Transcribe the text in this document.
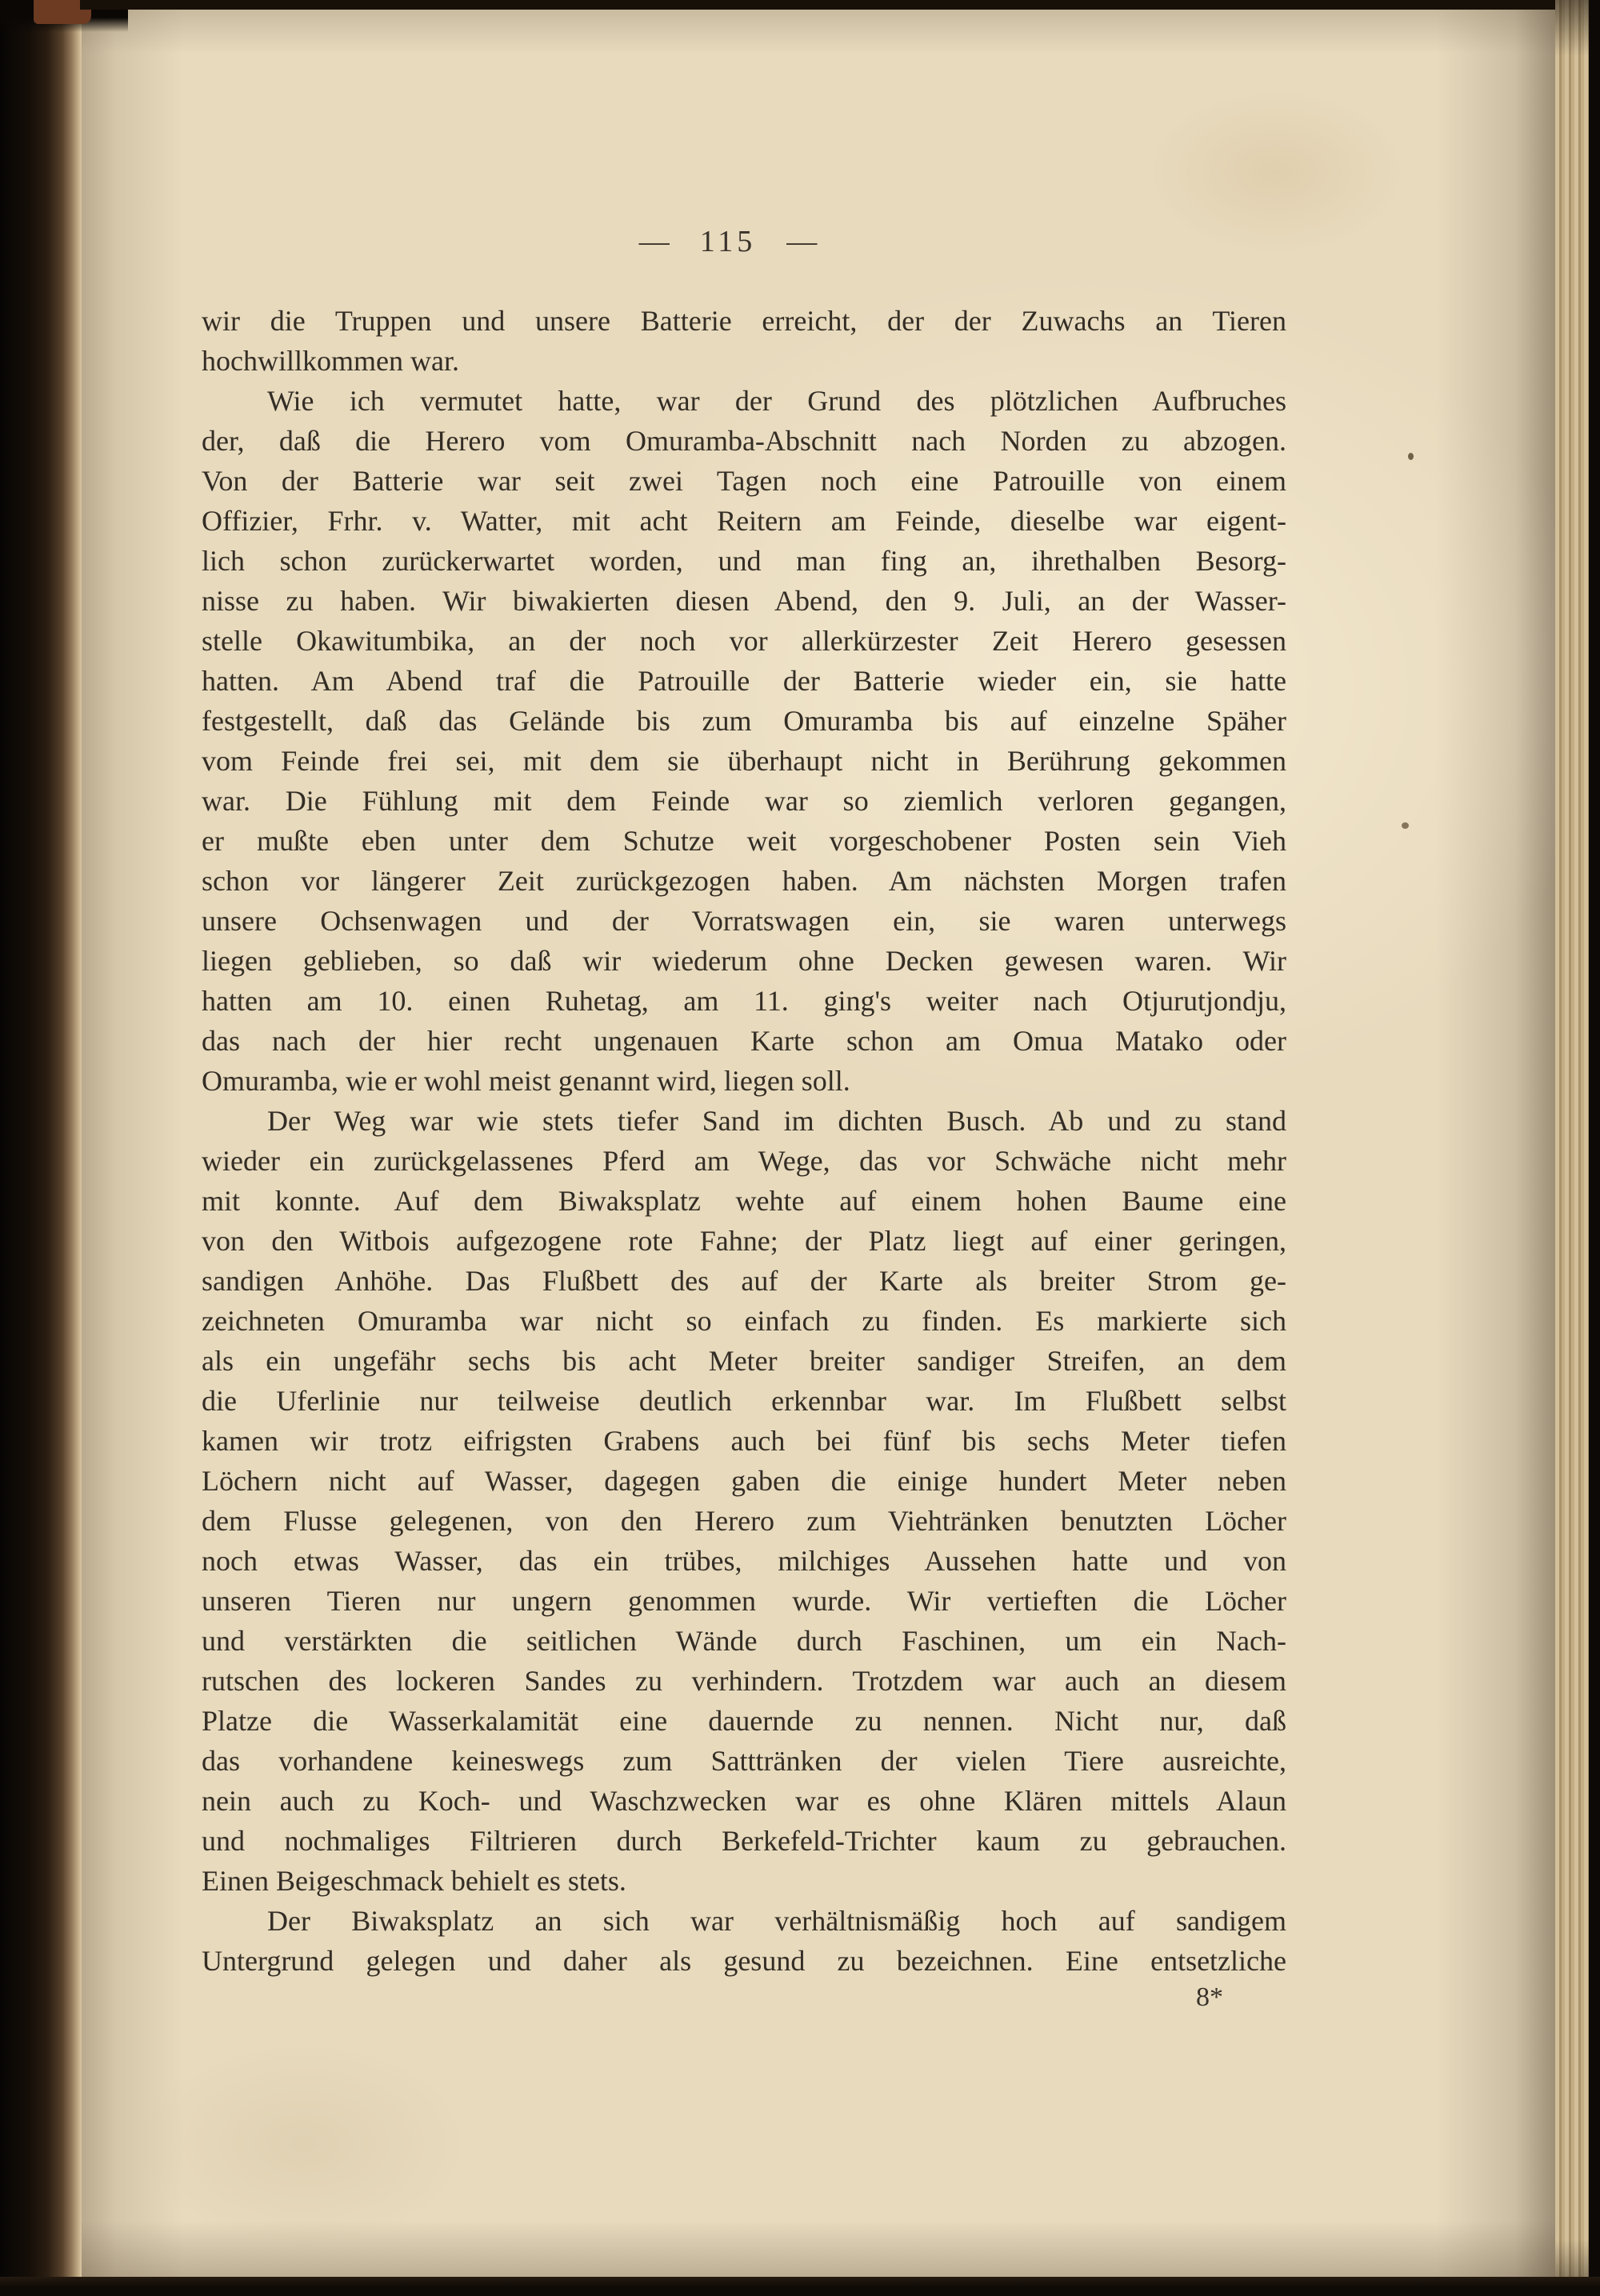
— 115 —
wir die Truppen und unsere Batterie erreicht, der der Zuwachs an Tieren
hochwillkommen war.
Wie ich vermutet hatte, war der Grund des plötzlichen Aufbruches
der, daß die Herero vom Omuramba-Abschnitt nach Norden zu abzogen.
Von der Batterie war seit zwei Tagen noch eine Patrouille von einem
Offizier, Frhr. v. Watter, mit acht Reitern am Feinde, dieselbe war eigent-
lich schon zurückerwartet worden, und man fing an, ihrethalben Besorg-
nisse zu haben. Wir biwakierten diesen Abend, den 9. Juli, an der Wasser-
stelle Okawitumbika, an der noch vor allerkürzester Zeit Herero gesessen
hatten. Am Abend traf die Patrouille der Batterie wieder ein, sie hatte
festgestellt, daß das Gelände bis zum Omuramba bis auf einzelne Späher
vom Feinde frei sei, mit dem sie überhaupt nicht in Berührung gekommen
war. Die Fühlung mit dem Feinde war so ziemlich verloren gegangen,
er mußte eben unter dem Schutze weit vorgeschobener Posten sein Vieh
schon vor längerer Zeit zurückgezogen haben. Am nächsten Morgen trafen
unsere Ochsenwagen und der Vorratswagen ein, sie waren unterwegs
liegen geblieben, so daß wir wiederum ohne Decken gewesen waren. Wir
hatten am 10. einen Ruhetag, am 11. ging's weiter nach Otjurutjondju,
das nach der hier recht ungenauen Karte schon am Omua Matako oder
Omuramba, wie er wohl meist genannt wird, liegen soll.
Der Weg war wie stets tiefer Sand im dichten Busch. Ab und zu stand
wieder ein zurückgelassenes Pferd am Wege, das vor Schwäche nicht mehr
mit konnte. Auf dem Biwaksplatz wehte auf einem hohen Baume eine
von den Witbois aufgezogene rote Fahne; der Platz liegt auf einer geringen,
sandigen Anhöhe. Das Flußbett des auf der Karte als breiter Strom ge-
zeichneten Omuramba war nicht so einfach zu finden. Es markierte sich
als ein ungefähr sechs bis acht Meter breiter sandiger Streifen, an dem
die Uferlinie nur teilweise deutlich erkennbar war. Im Flußbett selbst
kamen wir trotz eifrigsten Grabens auch bei fünf bis sechs Meter tiefen
Löchern nicht auf Wasser, dagegen gaben die einige hundert Meter neben
dem Flusse gelegenen, von den Herero zum Viehtränken benutzten Löcher
noch etwas Wasser, das ein trübes, milchiges Aussehen hatte und von
unseren Tieren nur ungern genommen wurde. Wir vertieften die Löcher
und verstärkten die seitlichen Wände durch Faschinen, um ein Nach-
rutschen des lockeren Sandes zu verhindern. Trotzdem war auch an diesem
Platze die Wasserkalamität eine dauernde zu nennen. Nicht nur, daß
das vorhandene keineswegs zum Satttränken der vielen Tiere ausreichte,
nein auch zu Koch- und Waschzwecken war es ohne Klären mittels Alaun
und nochmaliges Filtrieren durch Berkefeld-Trichter kaum zu gebrauchen.
Einen Beigeschmack behielt es stets.
Der Biwaksplatz an sich war verhältnismäßig hoch auf sandigem
Untergrund gelegen und daher als gesund zu bezeichnen. Eine entsetzliche
8*
